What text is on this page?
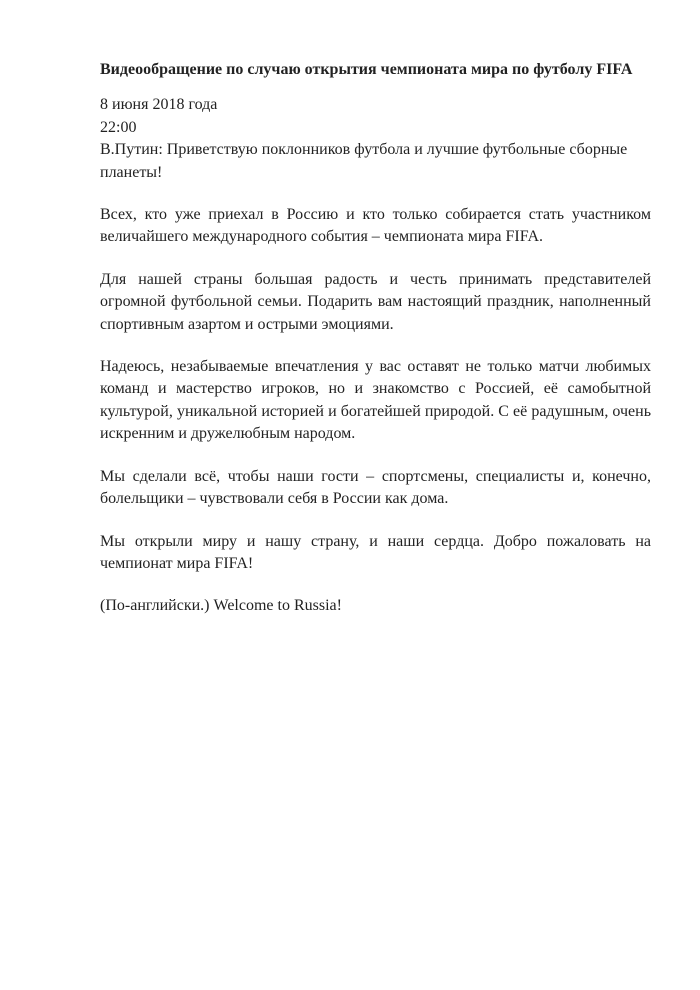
Видеообращение по случаю открытия чемпионата мира по футболу FIFA

8 июня 2018 года

22:00

В.Путин: Приветствую поклонников футбола и лучшие футбольные сборные планеты!

Всех, кто уже приехал в Россию и кто только собирается стать участником величайшего международного события – чемпионата мира FIFA.

Для нашей страны большая радость и честь принимать представителей огромной футбольной семьи. Подарить вам настоящий праздник, наполненный спортивным азартом и острыми эмоциями.

Надеюсь, незабываемые впечатления у вас оставят не только матчи любимых команд и мастерство игроков, но и знакомство с Россией, её самобытной культурой, уникальной историей и богатейшей природой. С её радушным, очень искренним и дружелюбным народом.

Мы сделали всё, чтобы наши гости – спортсмены, специалисты и, конечно, болельщики – чувствовали себя в России как дома.

Мы открыли миру и нашу страну, и наши сердца. Добро пожаловать на чемпионат мира FIFA!

(По-английски.) Welcome to Russia!
